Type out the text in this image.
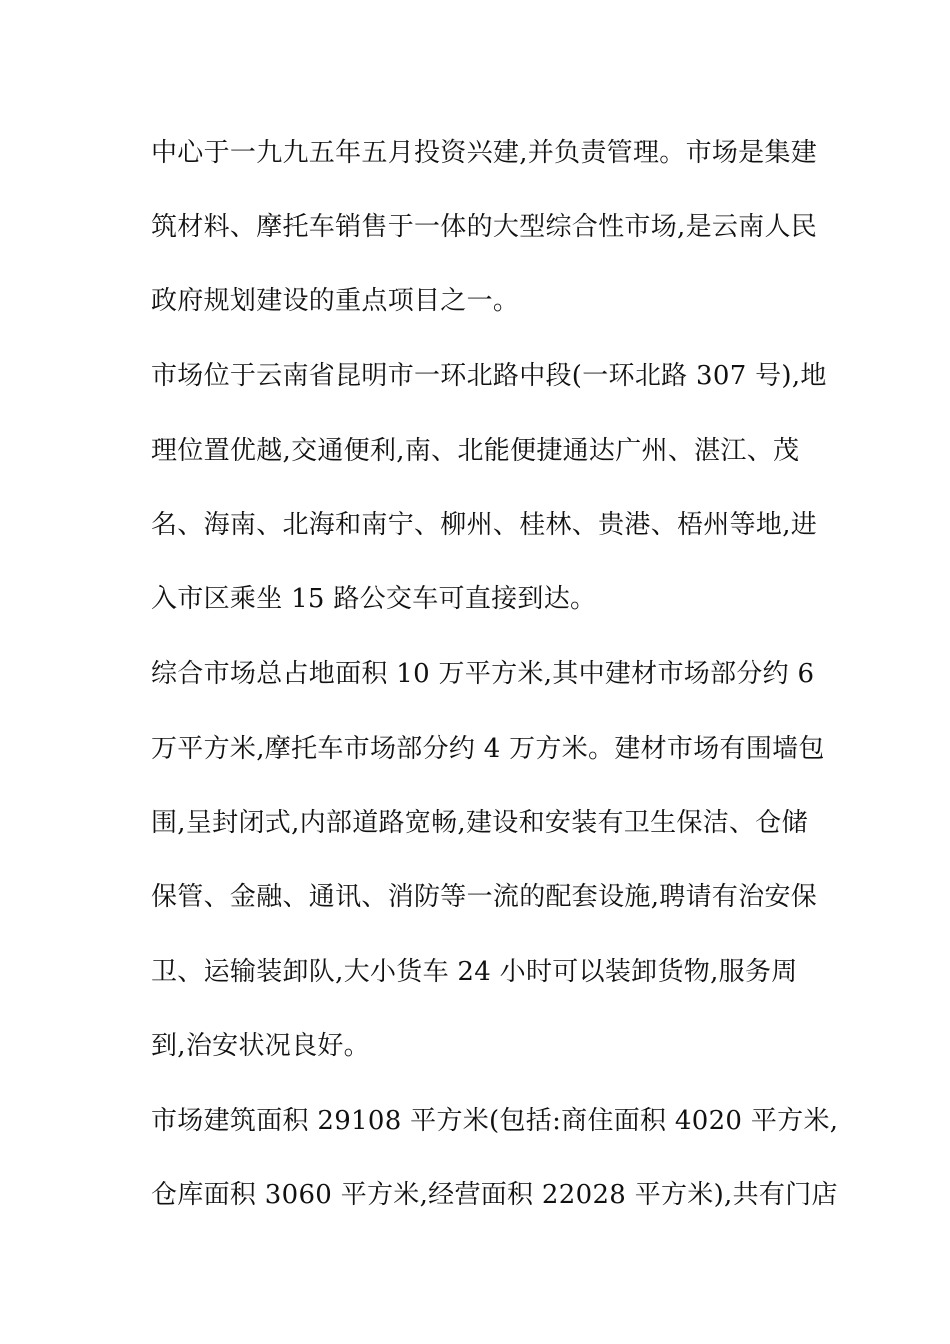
中心于一九九五年五月投资兴建,并负责管理。市场是集建
筑材料、摩托车销售于一体的大型综合性市场,是云南人民
政府规划建设的重点项目之一。
市场位于云南省昆明市一环北路中段(一环北路 307 号),地
理位置优越,交通便利,南、北能便捷通达广州、湛江、茂
名、海南、北海和南宁、柳州、桂林、贵港、梧州等地,进
入市区乘坐 15 路公交车可直接到达。
综合市场总占地面积 10 万平方米,其中建材市场部分约 6
万平方米,摩托车市场部分约 4 万方米。建材市场有围墙包
围,呈封闭式,内部道路宽畅,建设和安装有卫生保洁、仓储
保管、金融、通讯、消防等一流的配套设施,聘请有治安保
卫、运输装卸队,大小货车 24 小时可以装卸货物,服务周
到,治安状况良好。
市场建筑面积 29108 平方米(包括:商住面积 4020 平方米,
仓库面积 3060 平方米,经营面积 22028 平方米),共有门店
